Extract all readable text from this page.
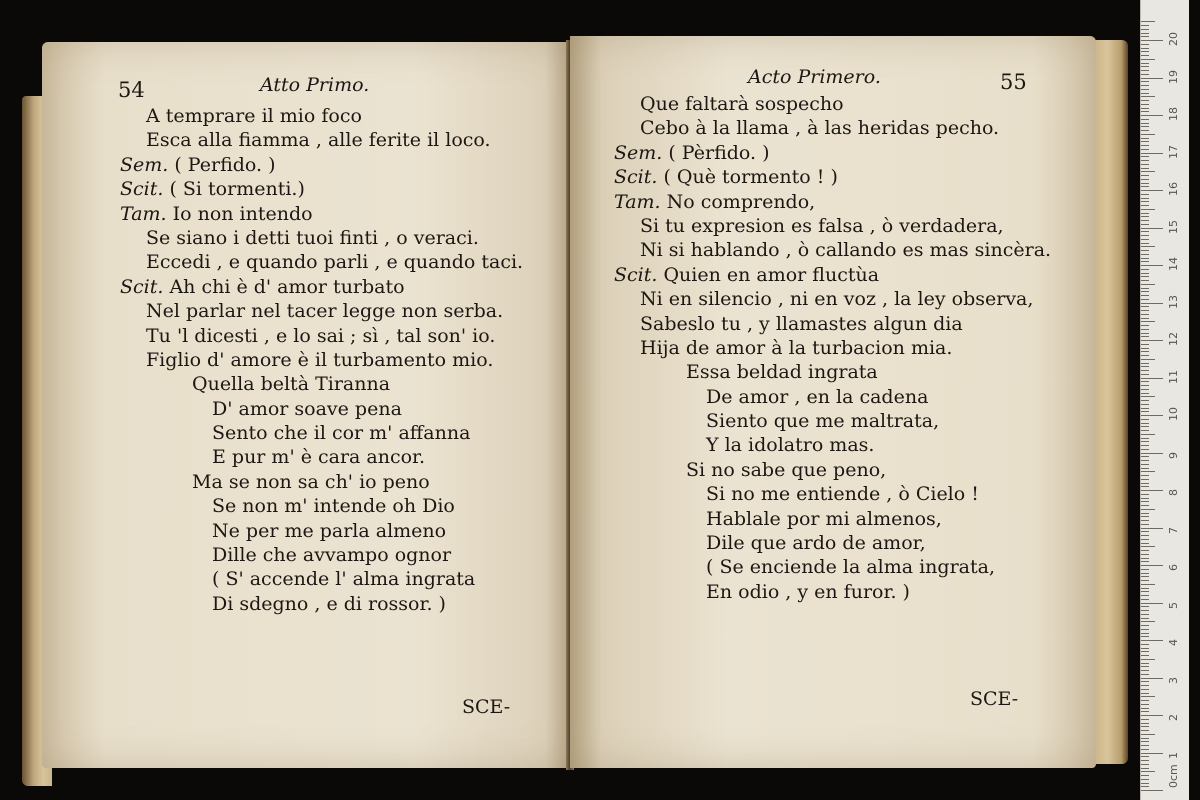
54	Atto Primo.
A temprare il mio foco
Esca alla fiamma , alle ferite il loco.
Sem. ( Perfido. )
Scit. ( Si tormenti.)
Tam. Io non intendo
Se siano i detti tuoi finti , o veraci.
Eccedi , e quando parli , e quando taci.
Scit. Ah chi è d' amor turbato
Nel parlar nel tacer legge non serba.
Tu 'l dicesti , e lo sai ; sì , tal son' io.
Figlio d' amore è il turbamento mio.
Quella beltà Tiranna
D' amor soave pena
Sento che il cor m' affanna
E pur m' è cara ancor.
Ma se non sa ch' io peno
Se non m' intende oh Dio
Ne per me parla almeno
Dille che avvampo ognor
( S' accende l' alma ingrata
Di sdegno , e di rossor. )
SCE-
Acto Primero.	55
Que faltarà sospecho
Cebo à la llama , à las heridas pecho.
Sem. ( Pèrfido. )
Scit. ( Què tormento ! )
Tam. No comprendo,
Si tu expresion es falsa , ò verdadera,
Ni si hablando , ò callando es mas sincèra.
Scit. Quien en amor fluctùa
Ni en silencio , ni en voz , la ley observa,
Sabeslo tu , y llamastes algun dia
Hija de amor à la turbacion mia.
Essa beldad ingrata
De amor , en la cadena
Siento que me maltrata,
Y la idolatro mas.
Si no sabe que peno,
Si no me entiende , ò Cielo !
Hablale por mi almenos,
Dile que ardo de amor,
( Se enciende la alma ingrata,
En odio , y en furor. )
SCE-
0cm
1
2
3
4
5
6
7
8
9
10
11
12
13
14
15
16
17
18
19
20
